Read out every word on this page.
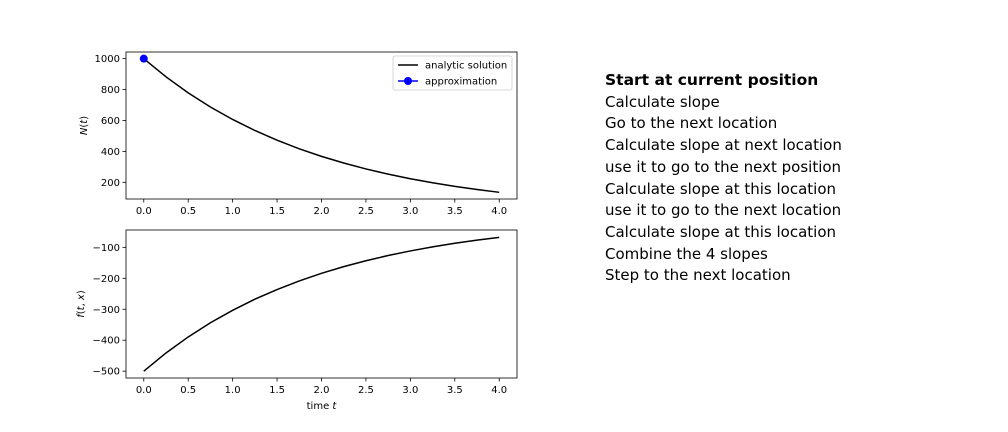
0.0	0.5	1.0	1.5	2.0	2.5	3.0	3.5	4.0
200
400
600
800
1000
N(t)
analytic solution
approximation
0.0	0.5	1.0	1.5	2.0	2.5	3.0	3.5	4.0
−500
−400
−300
−200
−100
f(t, x)
time t
Start at current position
Calculate slope
Go to the next location
Calculate slope at next location
use it to go to the next position
Calculate slope at this location
use it to go to the next location
Calculate slope at this location
Combine the 4 slopes
Step to the next location
